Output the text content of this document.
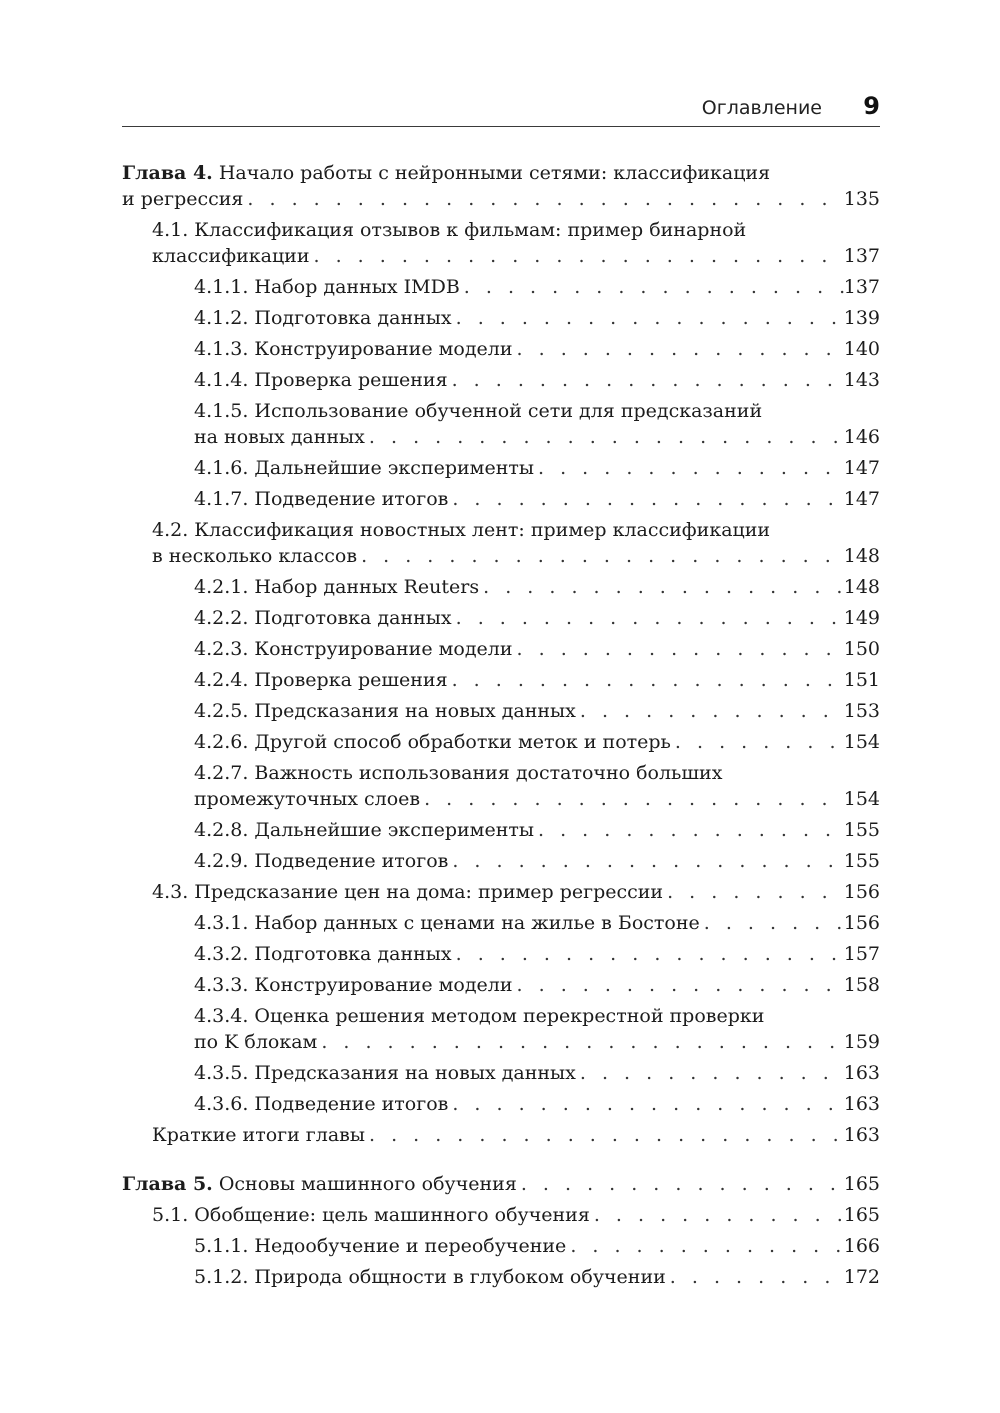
Оглавление 9
Глава 4. Начало работы с нейронными сетями: классификация
и регрессия . . .	135
4.1. Классификация отзывов к фильмам: пример бинарной
классификации . . .	137
4.1.1. Набор данных IMDB . . .	137
4.1.2. Подготовка данных . . .	139
4.1.3. Конструирование модели . . .	140
4.1.4. Проверка решения . . .	143
4.1.5. Использование обученной сети для предсказаний
на новых данных . . .	146
4.1.6. Дальнейшие эксперименты . . .	147
4.1.7. Подведение итогов . . .	147
4.2. Классификация новостных лент: пример классификации
в несколько классов . . .	148
4.2.1. Набор данных Reuters . . .	148
4.2.2. Подготовка данных . . .	149
4.2.3. Конструирование модели . . .	150
4.2.4. Проверка решения . . .	151
4.2.5. Предсказания на новых данных . . .	153
4.2.6. Другой способ обработки меток и потерь . . .	154
4.2.7. Важность использования достаточно больших
промежуточных слоев . . .	154
4.2.8. Дальнейшие эксперименты . . .	155
4.2.9. Подведение итогов . . .	155
4.3. Предсказание цен на дома: пример регрессии . . .	156
4.3.1. Набор данных с ценами на жилье в Бостоне . . .	156
4.3.2. Подготовка данных . . .	157
4.3.3. Конструирование модели . . .	158
4.3.4. Оценка решения методом перекрестной проверки
по K блокам . . .	159
4.3.5. Предсказания на новых данных . . .	163
4.3.6. Подведение итогов . . .	163
Краткие итоги главы . . .	163
Глава 5. Основы машинного обучения . . .	165
5.1. Обобщение: цель машинного обучения . . .	165
5.1.1. Недообучение и переобучение . . .	166
5.1.2. Природа общности в глубоком обучении . . .	172
